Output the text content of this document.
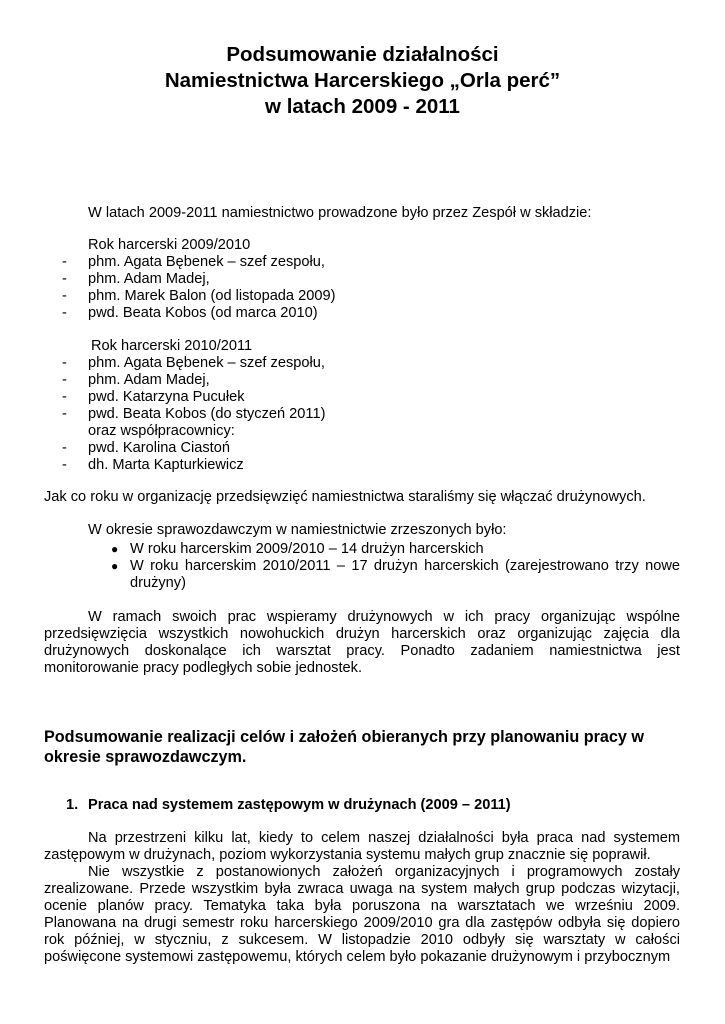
Podsumowanie działalności
Namiestnictwa Harcerskiego „Orla perć”
w latach 2009 - 2011
W latach 2009-2011 namiestnictwo prowadzone było przez Zespół w składzie:
Rok harcerski 2009/2010
- phm. Agata Bębenek – szef zespołu,
- phm. Adam Madej,
- phm. Marek Balon (od listopada 2009)
- pwd. Beata Kobos (od marca 2010)
Rok harcerski 2010/2011
- phm. Agata Bębenek – szef zespołu,
- phm. Adam Madej,
- pwd. Katarzyna Pucułek
- pwd. Beata Kobos (do styczeń 2011)
oraz współpracownicy:
- pwd. Karolina Ciastoń
- dh. Marta Kapturkiewicz
Jak co roku w organizację przedsięwzięć namiestnictwa staraliśmy się włączać drużynowych.
W okresie sprawozdawczym w namiestnictwie zrzeszonych było:
● W roku harcerskim 2009/2010 – 14 drużyn harcerskich
● W roku harcerskim 2010/2011 – 17 drużyn harcerskich (zarejestrowano trzy nowe drużyny)
W ramach swoich prac wspieramy drużynowych w ich pracy organizując wspólne przedsięwzięcia wszystkich nowohuckich drużyn harcerskich oraz organizując zajęcia dla drużynowych doskonalące ich warsztat pracy. Ponadto zadaniem namiestnictwa jest monitorowanie pracy podległych sobie jednostek.
Podsumowanie realizacji celów i założeń obieranych przy planowaniu pracy w okresie sprawozdawczym.
1. Praca nad systemem zastępowym w drużynach (2009 – 2011)
Na przestrzeni kilku lat, kiedy to celem naszej działalności była praca nad systemem zastępowym w drużynach, poziom wykorzystania systemu małych grup znacznie się poprawił.
Nie wszystkie z postanowionych założeń organizacyjnych i programowych zostały zrealizowane. Przede wszystkim była zwraca uwaga na system małych grup podczas wizytacji, ocenie planów pracy. Tematyka taka była poruszona na warsztatach we wrześniu 2009. Planowana na drugi semestr roku harcerskiego 2009/2010 gra dla zastępów odbyła się dopiero rok później, w styczniu, z sukcesem. W listopadzie 2010 odbyły się warsztaty w całości poświęcone systemowi zastępowemu, których celem było pokazanie drużynowym i przybocznym
